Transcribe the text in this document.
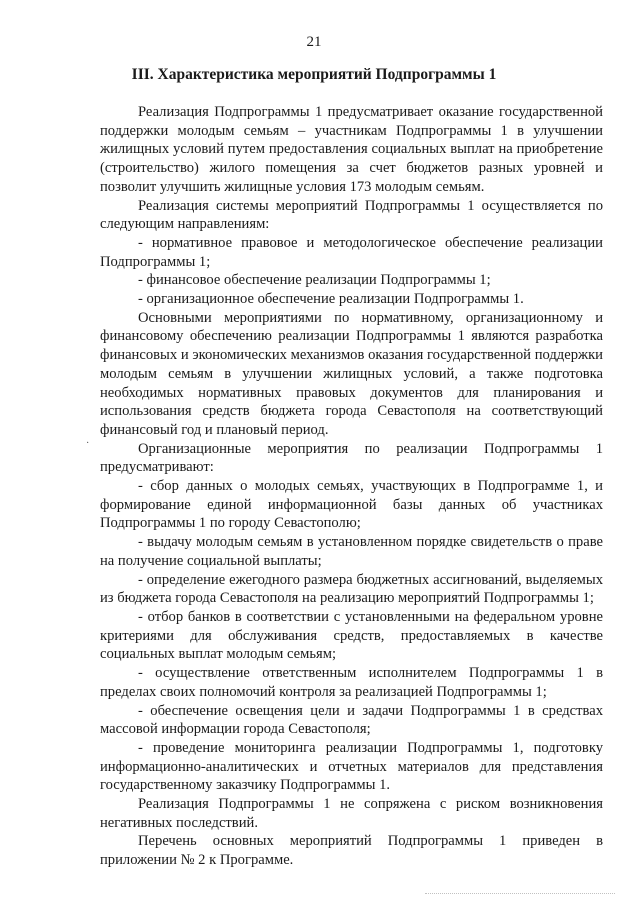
21
III. Характеристика мероприятий Подпрограммы 1
·

Реализация Подпрограммы 1 предусматривает оказание государственной поддержки молодым семьям – участникам Подпрограммы 1 в улучшении жилищных условий путем предоставления социальных выплат на приобретение (строительство) жилого помещения за счет бюджетов разных уровней и позволит улучшить жилищные условия 173 молодым семьям.

Реализация системы мероприятий Подпрограммы 1 осуществляется по следующим направлениям:

- нормативное правовое и методологическое обеспечение реализации Подпрограммы 1;

- финансовое обеспечение реализации Подпрограммы 1;

- организационное обеспечение реализации Подпрограммы 1.

Основными мероприятиями по нормативному, организационному и финансовому обеспечению реализации Подпрограммы 1 являются разработка финансовых и экономических механизмов оказания государственной поддержки молодым семьям в улучшении жилищных условий, а также подготовка необходимых нормативных правовых документов для планирования и использования средств бюджета города Севастополя на соответствующий финансовый год и плановый период.

Организационные мероприятия по реализации Подпрограммы 1 предусматривают:

- сбор данных о молодых семьях, участвующих в Подпрограмме 1, и формирование единой информационной базы данных об участниках Подпрограммы 1 по городу Севастополю;

- выдачу молодым семьям в установленном порядке свидетельств о праве на получение социальной выплаты;

- определение ежегодного размера бюджетных ассигнований, выделяемых из бюджета города Севастополя на реализацию мероприятий Подпрограммы 1;

- отбор банков в соответствии с установленными на федеральном уровне критериями для обслуживания средств, предоставляемых в качестве социальных выплат молодым семьям;

- осуществление ответственным исполнителем Подпрограммы 1 в пределах своих полномочий контроля за реализацией Подпрограммы 1;

- обеспечение освещения цели и задачи Подпрограммы 1 в средствах массовой информации города Севастополя;

- проведение мониторинга реализации Подпрограммы 1, подготовку информационно-аналитических и отчетных материалов для представления государственному заказчику Подпрограммы 1.

Реализация Подпрограммы 1 не сопряжена с риском возникновения негативных последствий.

Перечень основных мероприятий Подпрограммы 1 приведен в приложении № 2 к Программе.
